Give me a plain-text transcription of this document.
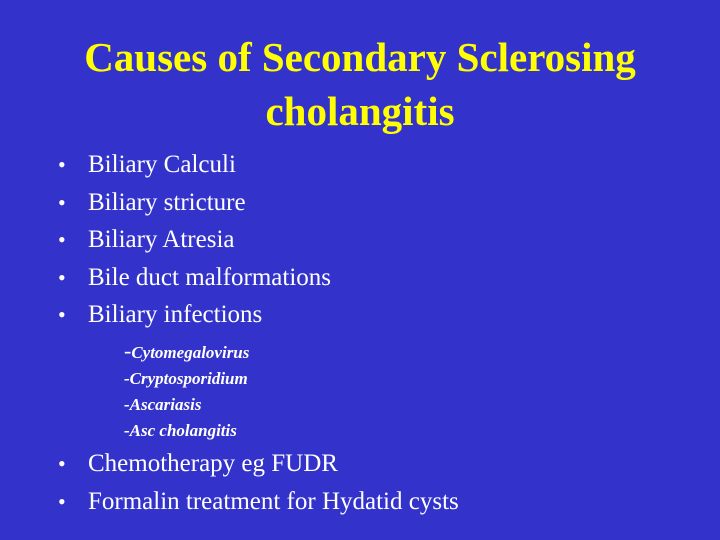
Causes of Secondary Sclerosing
cholangitis
• Biliary Calculi
• Biliary stricture
• Biliary Atresia
• Bile duct malformations
• Biliary infections
-Cytomegalovirus
-Cryptosporidium
-Ascariasis
-Asc cholangitis
• Chemotherapy eg FUDR
• Formalin treatment for Hydatid cysts
